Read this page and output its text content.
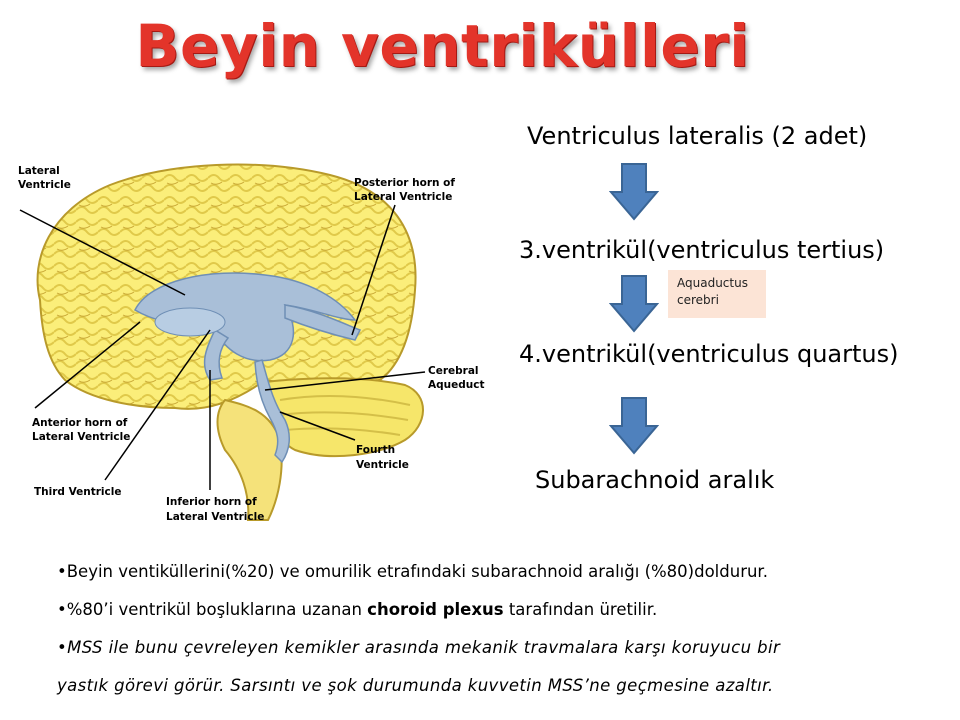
Beyin ventrikülleri
Lateral Ventricle	Posterior horn of Lateral Ventricle
Cerebral Aqueduct
Anterior horn of Lateral Ventricle
Third Ventricle
Fourth Ventricle
Inferior horn of Lateral Ventricle
Ventriculus lateralis (2 adet)
3.ventrikül(ventriculus tertius)
Aquaductus
cerebri
4.ventrikül(ventriculus quartus)
Subarachnoid aralık
•Beyin ventiküllerini(%20) ve omurilik etrafındaki subarachnoid aralığı (%80)doldurur.
•%80’i ventrikül boşluklarına uzanan choroid plexus tarafından üretilir.
•MSS ile bunu çevreleyen kemikler arasında mekanik travmalara karşı koruyucu bir
yastık görevi görür. Sarsıntı ve şok durumunda kuvvetin MSS’ne geçmesine azaltır.
